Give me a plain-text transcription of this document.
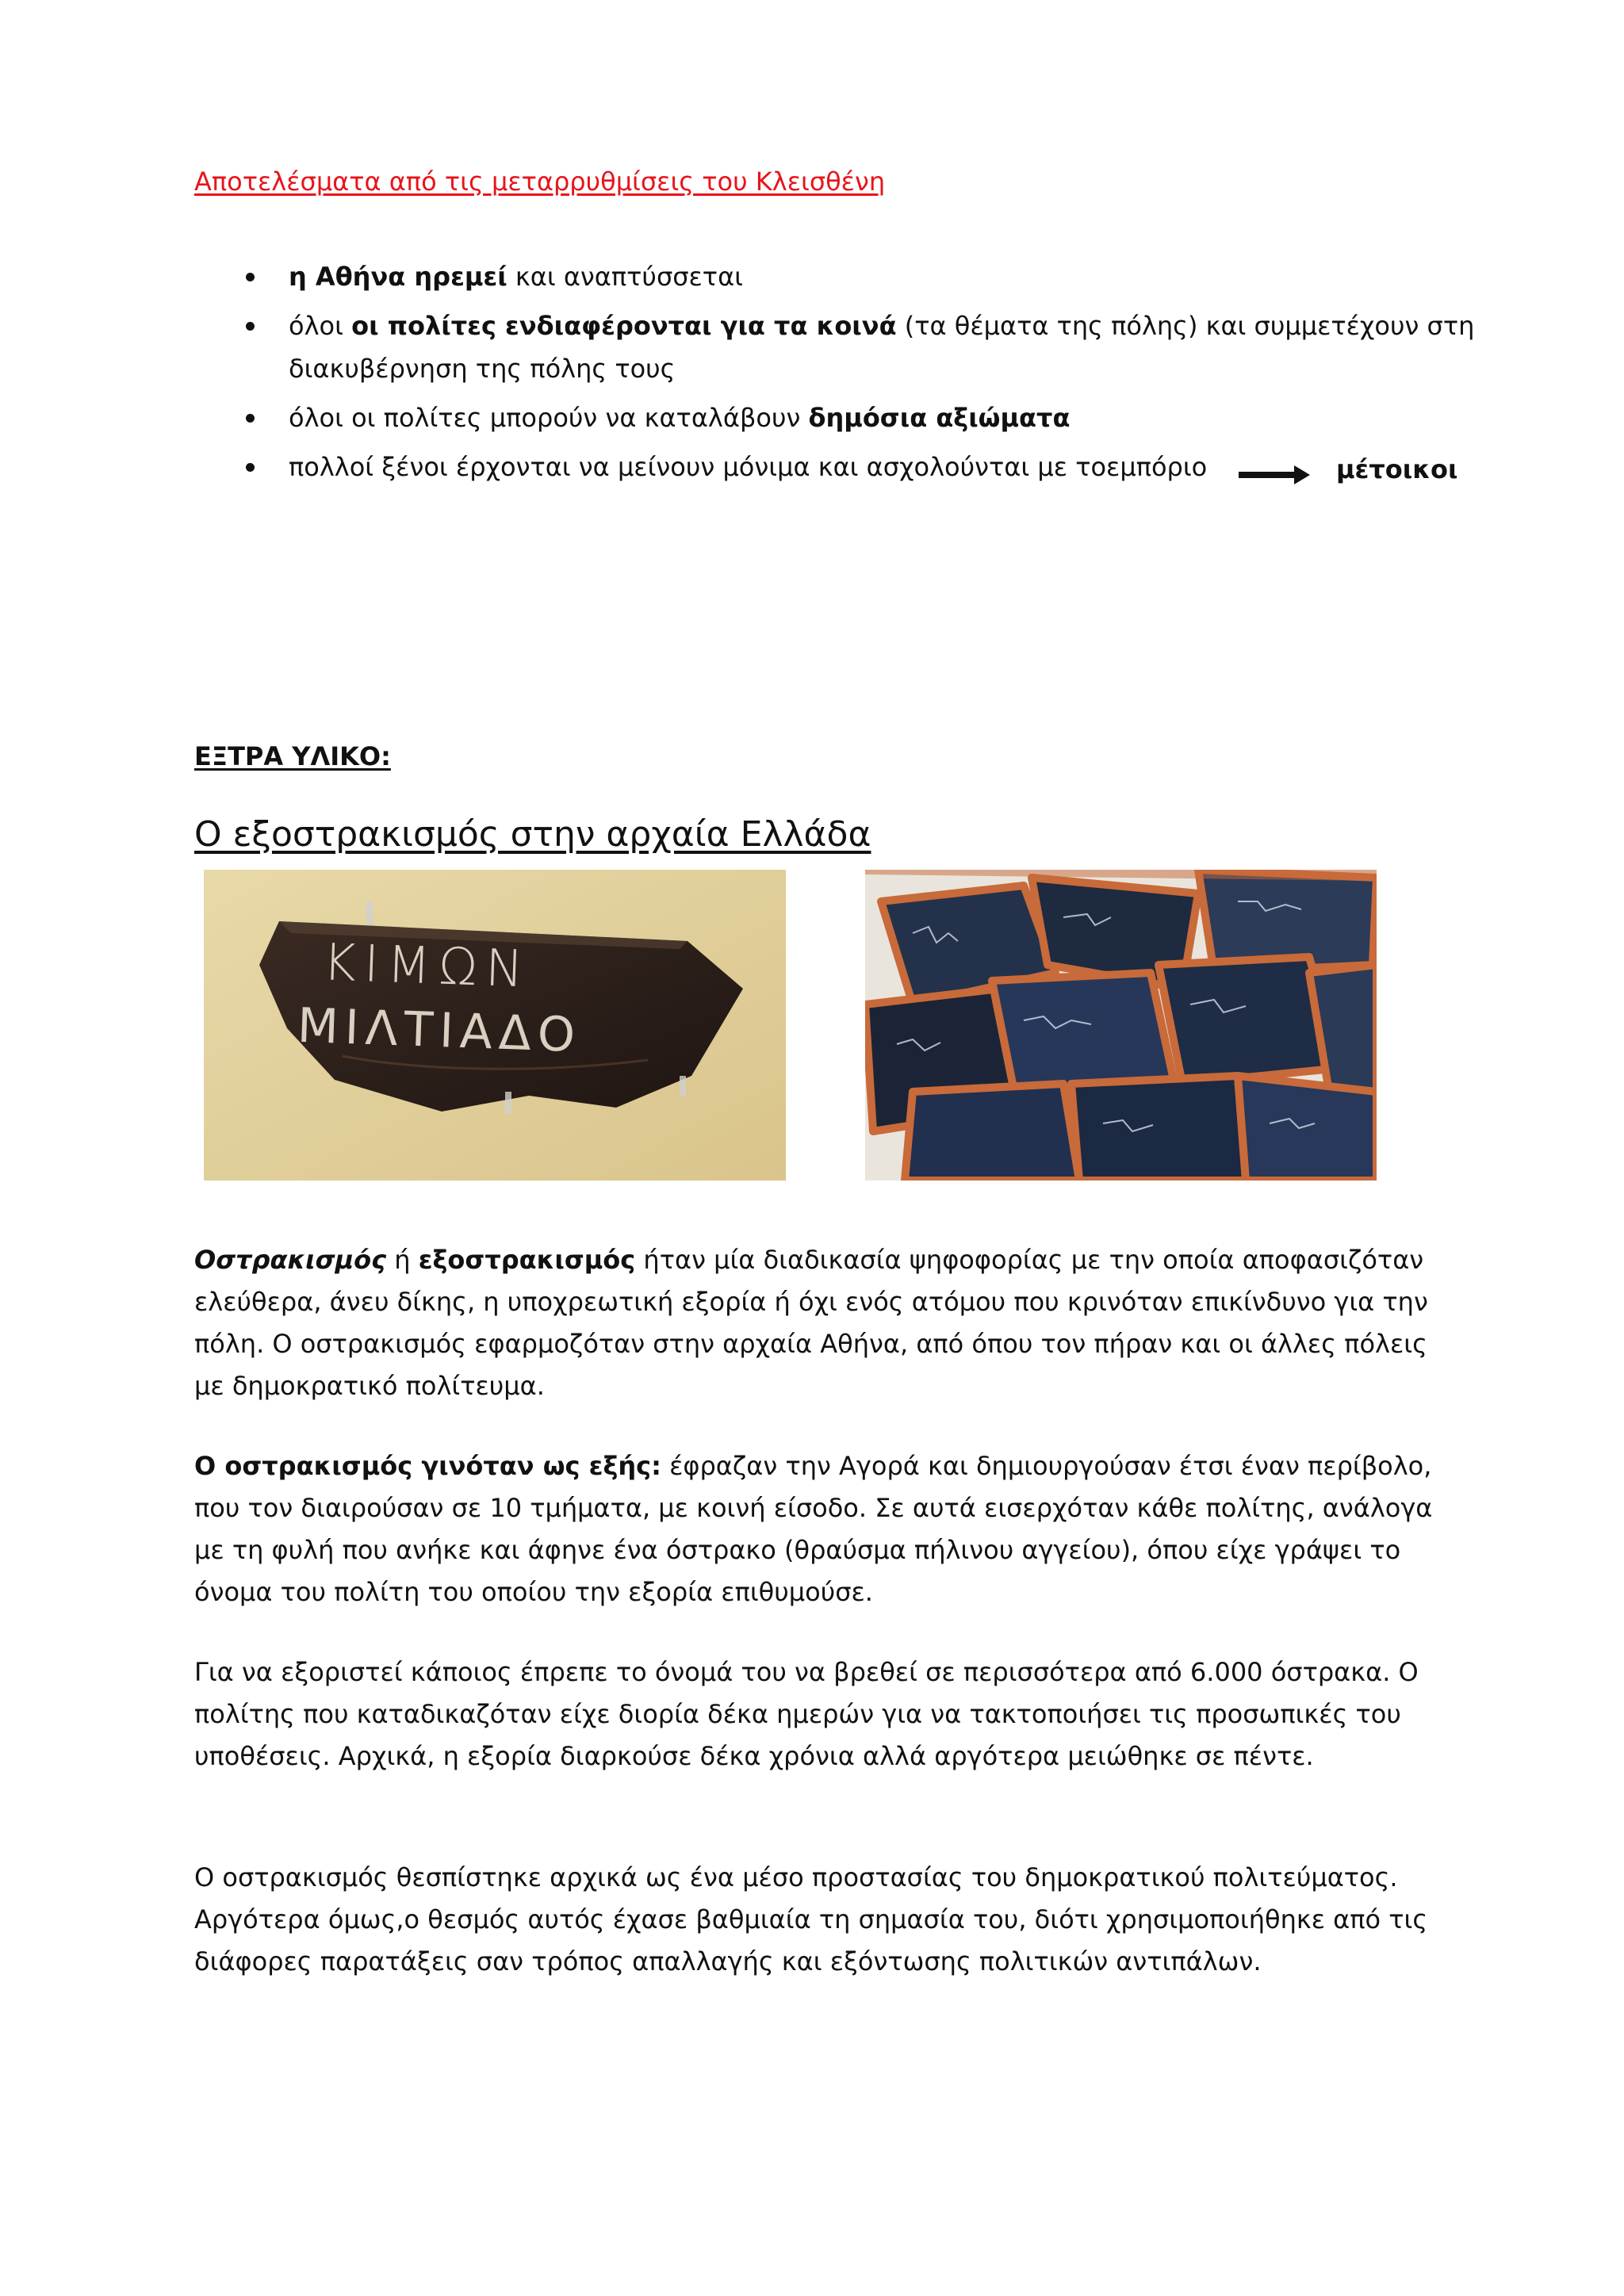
Αποτελέσματα από τις μεταρρυθμίσεις του Κλεισθένη
η Αθήνα ηρεμεί και αναπτύσσεται
όλοι οι πολίτες ενδιαφέρονται για τα κοινά (τα θέματα της πόλης) και συμμετέχουν στη διακυβέρνηση της πόλης τους
όλοι οι πολίτες μπορούν να καταλάβουν δημόσια αξιώματα
πολλοί ξένοι έρχονται να μείνουν μόνιμα και ασχολούνται με τοεμπόριο	μέτοικοι
ΕΞΤΡΑ ΥΛΙΚΟ:
Ο εξοστρακισμός στην αρχαία Ελλάδα
ΚΙΜΩΝ
ΜΙΛΤΙΑΔΟ

Οστρακισμός ή εξοστρακισμός ήταν μία διαδικασία ψηφοφορίας με την οποία αποφασιζόταν ελεύθερα, άνευ δίκης, η υποχρεωτική εξορία ή όχι ενός ατόμου που κρινόταν επικίνδυνο για την πόλη. Ο οστρακισμός εφαρμοζόταν στην αρχαία Αθήνα, από όπου τον πήραν και οι άλλες πόλεις με δημοκρατικό πολίτευμα.

Ο οστρακισμός γινόταν ως εξής: έφραζαν την Αγορά και δημιουργούσαν έτσι έναν περίβολο, που τον διαιρούσαν σε 10 τμήματα, με κοινή είσοδο. Σε αυτά εισερχόταν κάθε πολίτης, ανάλογα με τη φυλή που ανήκε και άφηνε ένα όστρακο (θραύσμα πήλινου αγγείου), όπου είχε γράψει το όνομα του πολίτη του οποίου την εξορία επιθυμούσε.

Για να εξοριστεί κάποιος έπρεπε το όνομά του να βρεθεί σε περισσότερα από 6.000 όστρακα. Ο πολίτης που καταδικαζόταν είχε διορία δέκα ημερών για να τακτοποιήσει τις προσωπικές του υποθέσεις. Αρχικά, η εξορία διαρκούσε δέκα χρόνια αλλά αργότερα μειώθηκε σε πέντε.

Ο οστρακισμός θεσπίστηκε αρχικά ως ένα μέσο προστασίας του δημοκρατικού πολιτεύματος. Αργότερα όμως,ο θεσμός αυτός έχασε βαθμιαία τη σημασία του, διότι χρησιμοποιήθηκε από τις διάφορες παρατάξεις σαν τρόπος απαλλαγής και εξόντωσης πολιτικών αντιπάλων.
